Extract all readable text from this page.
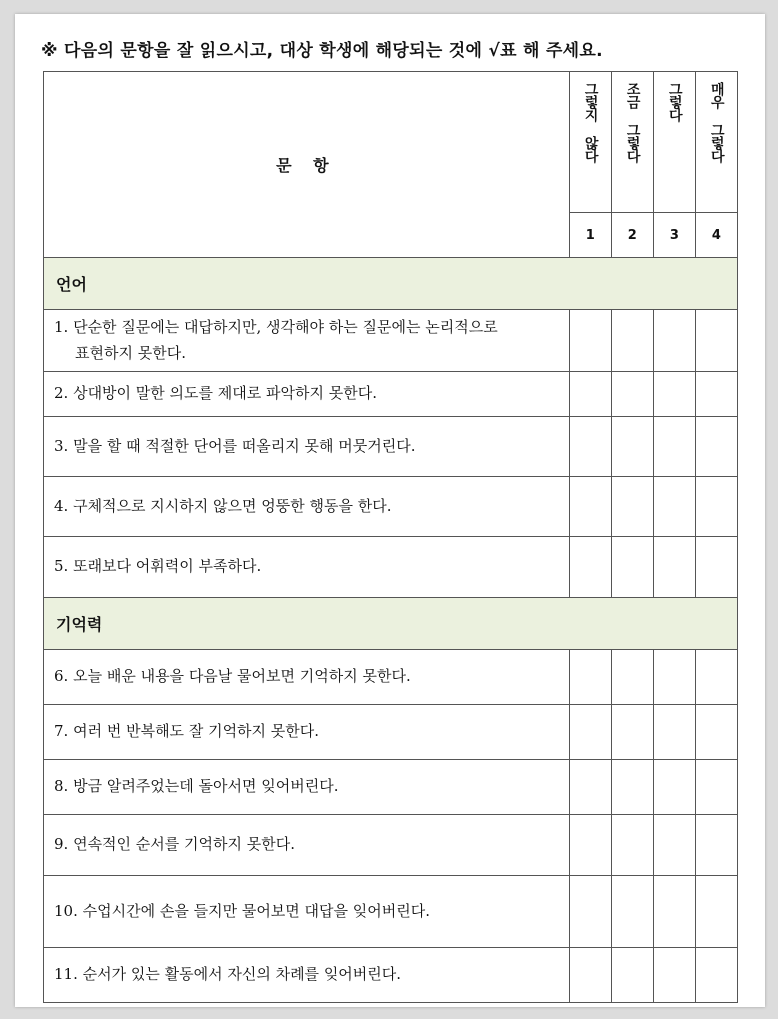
※ 다음의 문항을 잘 읽으시고, 대상 학생에 해당되는 것에 √표 해 주세요.
문 항	그렇지 않다	조금 그렇다	그렇다	매우 그렇다

	1	2	3	4
언어				
1. 단순한 질문에는 대답하지만, 생각해야 하는 질문에는 논리적으로
표현하지 못한다.				

2. 상대방이 말한 의도를 제대로 파악하지 못한다.				
3. 말을 할 때 적절한 단어를 떠올리지 못해 머뭇거린다.				
4. 구체적으로 지시하지 않으면 엉뚱한 행동을 한다.				
5. 또래보다 어휘력이 부족하다.				
기억력				
6. 오늘 배운 내용을 다음날 물어보면 기억하지 못한다.				
7. 여러 번 반복해도 잘 기억하지 못한다.				
8. 방금 알려주었는데 돌아서면 잊어버린다.				
9. 연속적인 순서를 기억하지 못한다.				
10. 수업시간에 손을 들지만 물어보면 대답을 잊어버린다.				
11. 순서가 있는 활동에서 자신의 차례를 잊어버린다.				
